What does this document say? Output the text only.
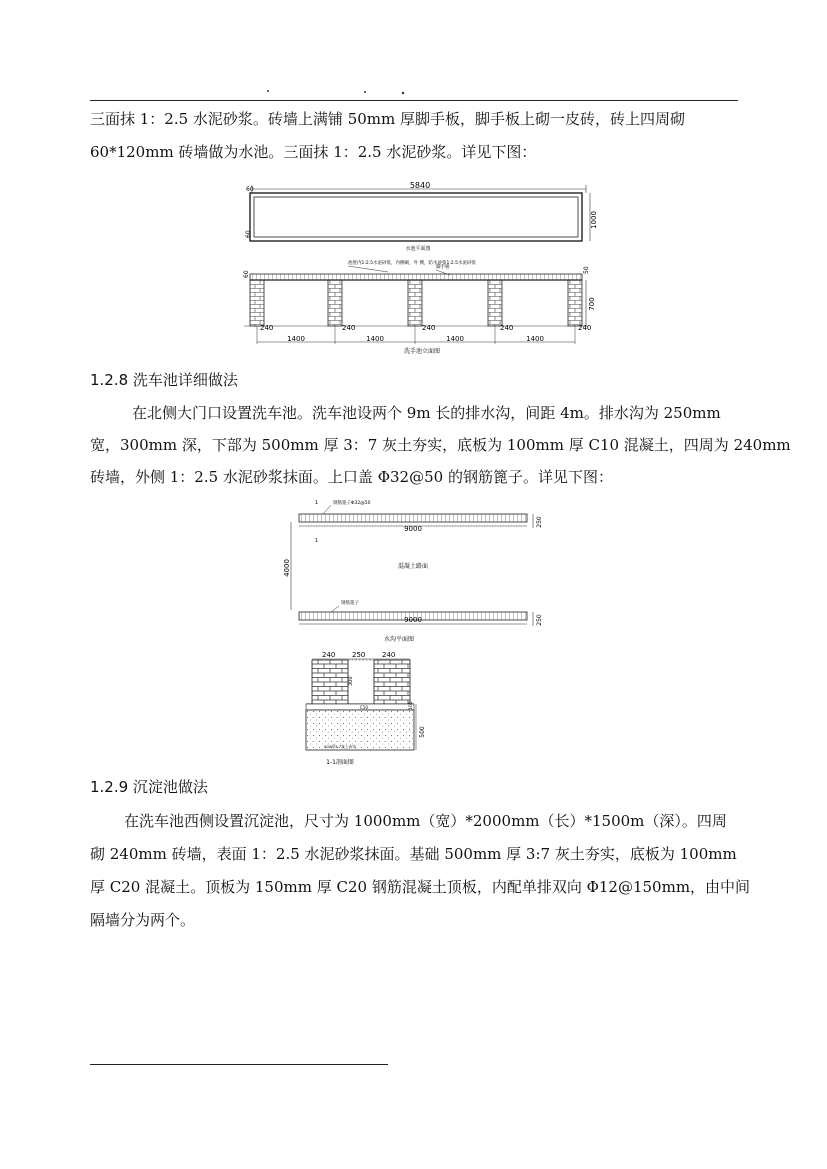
三面抹 1：2.5 水泥砂浆。砖墙上满铺 50mm 厚脚手板，脚手板上砌一皮砖，砖上四周砌
60*120mm 砖墙做为水池。三面抹 1：2.5 水泥砂浆。详见下图：
5840
60
1000
60
水池平面图
池壁内1:2.5水泥砂浆，内侧刷，外 侧，防水砂浆1:2.5水泥砂浆
脚手板
60
50
700
240	240	240	240	240
1400	1400	1400	1400
洗手池立面图
1.2.8 洗车池详细做法
在北侧大门口设置洗车池。洗车池设两个 9m 长的排水沟，间距 4m。排水沟为 250mm
宽，300mm 深，下部为 500mm 厚 3：7 灰土夯实，底板为 100mm 厚 C10 混凝土，四周为 240mm
砖墙，外侧 1：2.5 水泥砂浆抹面。上口盖 Φ32@50 的钢筋篦子。详见下图：
钢筋篦子Φ32@50
1
9000
1
250
4000	混凝土路面
钢筋篦子
9000	250
水沟平面图
240 250 240
300
C10	100
500
500厚3:7灰土夯实
1-1剖面图
1.2.9 沉淀池做法
在洗车池西侧设置沉淀池，尺寸为 1000mm（宽）*2000mm（长）*1500m（深）。四周
砌 240mm 砖墙，表面 1：2.5 水泥砂浆抹面。基础 500mm 厚 3:7 灰土夯实，底板为 100mm
厚 C20 混凝土。顶板为 150mm 厚 C20 钢筋混凝土顶板，内配单排双向 Φ12@150mm，由中间
隔墙分为两个。
